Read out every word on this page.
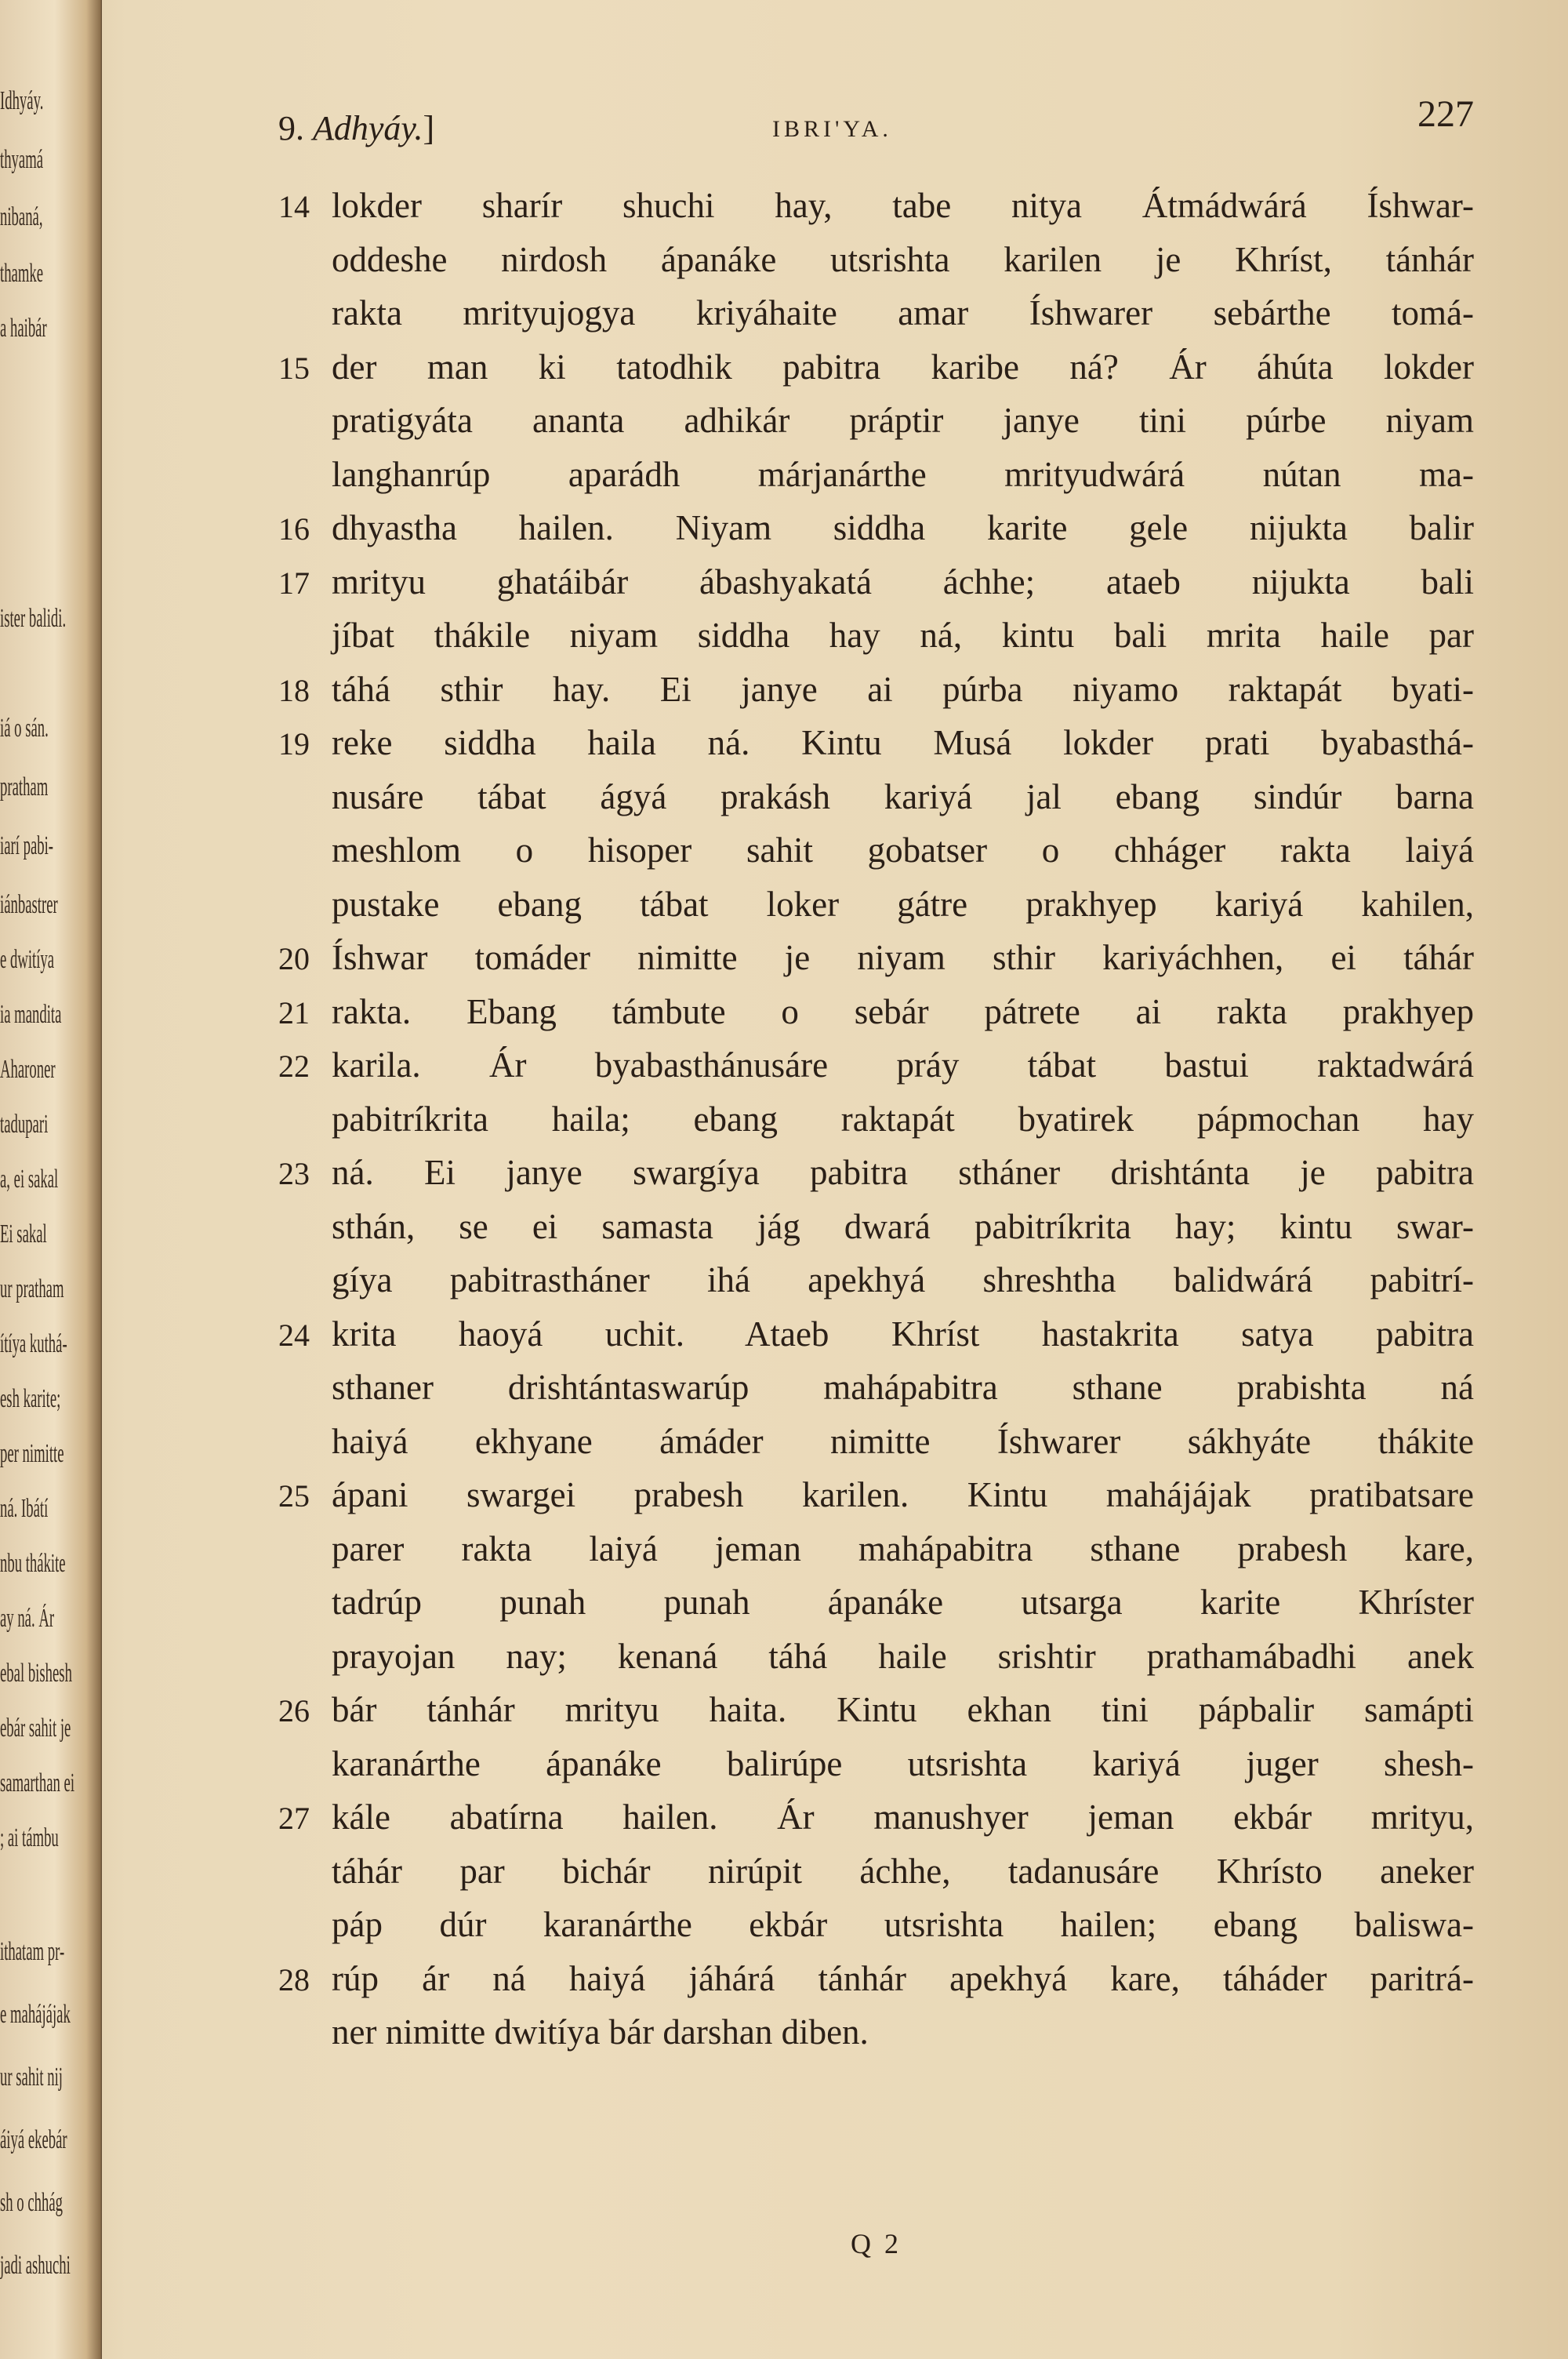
Idhyáy.
thyamá
nibaná,
thamke
a haibár
ister balidi.
iá o sán.
pratham
iarí pabi-
iánbastrer
e dwitíya
ia mandita
Aharoner
tadupari
a, ei sakal
Ei sakal
ur pratham
ítíya kuthá-
esh karite;
per nimitte
ná. Ibátí
nbu thákite
ay ná. Ár
ebal bishesh
ebár sahit je
samarthan ei
; ai támbu
ithatam pr-
e mahájájak
ur sahit nij
áiyá ekebár
sh o chhág
jadi ashuchi
9. Adhyáy.]	IBRI'YA.	227
14 lokder sharír shuchi hay, tabe nitya Átmádwárá Íshwar-
oddeshe nirdosh ápanáke utsrishta karilen je Khríst, tánhár
rakta mrityujogya kriyáhaite amar Íshwarer sebárthe tomá-
15 der man ki tatodhik pabitra karibe ná? Ár áhúta lokder
pratigyáta ananta adhikár práptir janye tini púrbe niyam
langhanrúp aparádh márjanárthe mrityudwárá nútan ma-
16 dhyastha hailen. Niyam siddha karite gele nijukta balir
17 mrityu ghatáibár ábashyakatá áchhe; ataeb nijukta bali
jíbat thákile niyam siddha hay ná, kintu bali mrita haile par
18 táhá sthir hay. Ei janye ai púrba niyamo raktapát byati-
19 reke siddha haila ná. Kintu Musá lokder prati byabasthá-
nusáre tábat ágyá prakásh kariyá jal ebang sindúr barna
meshlom o hisoper sahit gobatser o chháger rakta laiyá
pustake ebang tábat loker gátre prakhyep kariyá kahilen,
20 Íshwar tomáder nimitte je niyam sthir kariyáchhen, ei táhár
21 rakta. Ebang támbute o sebár pátrete ai rakta prakhyep
22 karila. Ár byabasthánusáre práy tábat bastui raktadwárá
pabitríkrita haila; ebang raktapát byatirek pápmochan hay
23 ná. Ei janye swargíya pabitra stháner drishtánta je pabitra
sthán, se ei samasta jág dwará pabitríkrita hay; kintu swar-
gíya pabitrastháner ihá apekhyá shreshtha balidwárá pabitrí-
24 krita haoyá uchit. Ataeb Khríst hastakrita satya pabitra
sthaner drishtántaswarúp mahápabitra sthane prabishta ná
haiyá ekhyane ámáder nimitte Íshwarer sákhyáte thákite
25 ápani swargei prabesh karilen. Kintu mahájájak pratibatsare
parer rakta laiyá jeman mahápabitra sthane prabesh kare,
tadrúp punah punah ápanáke utsarga karite Khríster
prayojan nay; kenaná táhá haile srishtir prathamábadhi anek
26 bár tánhár mrityu haita. Kintu ekhan tini pápbalir samápti
karanárthe ápanáke balirúpe utsrishta kariyá juger shesh-
27 kále abatírna hailen. Ár manushyer jeman ekbár mrityu,
táhár par bichár nirúpit áchhe, tadanusáre Khrísto aneker
páp dúr karanárthe ekbár utsrishta hailen; ebang baliswa-
28 rúp ár ná haiyá jáhárá tánhár apekhyá kare, táháder paritrá-
ner nimitte dwitíya bár darshan diben.
Q 2
